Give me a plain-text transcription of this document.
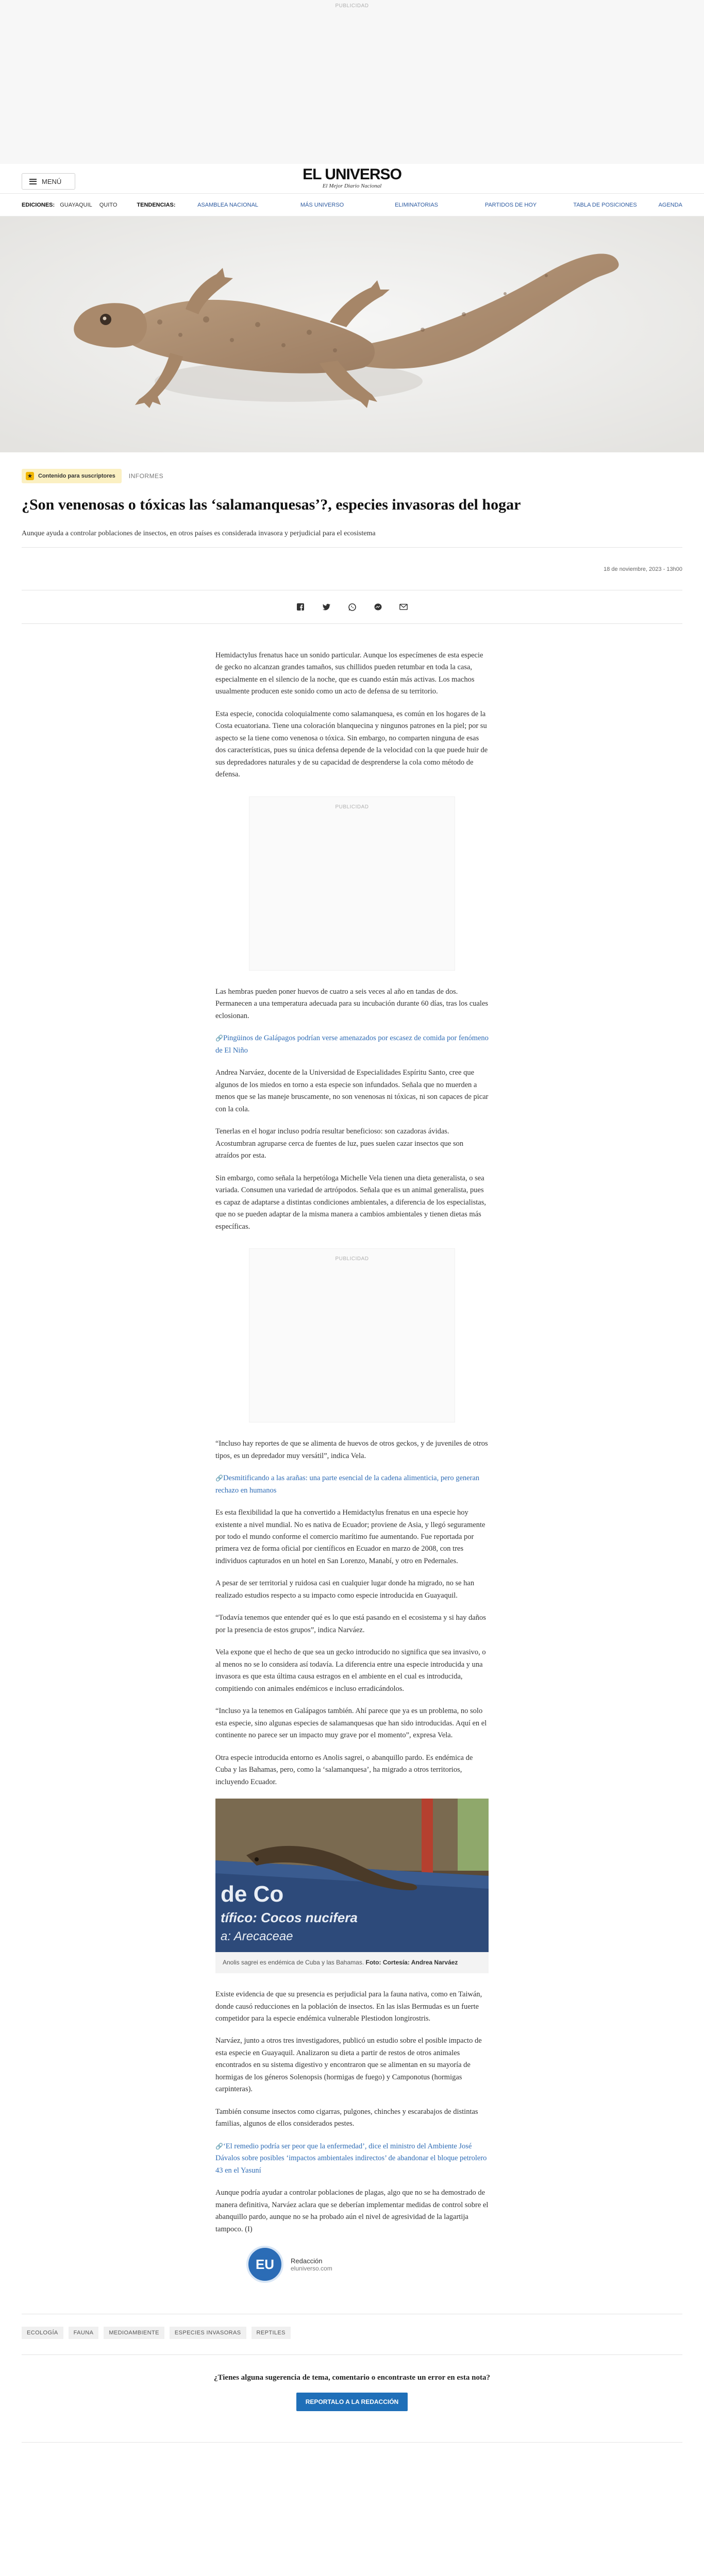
PUBLICIDAD
MENÚ	EL UNIVERSO
El Mejor Diario Nacional
EDICIONES: GUAYAQUIL QUITO	TENDENCIAS:	ASAMBLEA NACIONAL	MÁS UNIVERSO	ELIMINATORIAS	PARTIDOS DE HOY	TABLA DE POSICIONES	AGENDA
★	Contenido para suscriptores INFORMES
¿Son venenosas o tóxicas las ‘salamanquesas’?, especies invasoras del hogar
Aunque ayuda a controlar poblaciones de insectos, en otros países es considerada invasora y perjudicial para el ecosistema
18 de noviembre, 2023 - 13h00

Hemidactylus frenatus hace un sonido particular. Aunque los especímenes de esta especie de gecko no alcanzan grandes tamaños, sus chillidos pueden retumbar en toda la casa, especialmente en el silencio de la noche, que es cuando están más activas. Los machos usualmente producen este sonido como un acto de defensa de su territorio.

Esta especie, conocida coloquialmente como salamanquesa, es común en los hogares de la Costa ecuatoriana. Tiene una coloración blanquecina y ningunos patrones en la piel; por su aspecto se la tiene como venenosa o tóxica. Sin embargo, no comparten ninguna de esas dos características, pues su única defensa depende de la velocidad con la que puede huir de sus depredadores naturales y de su capacidad de desprenderse la cola como método de defensa.

PUBLICIDAD

Las hembras pueden poner huevos de cuatro a seis veces al año en tandas de dos. Permanecen a una temperatura adecuada para su incubación durante 60 días, tras los cuales eclosionan.

🔗 Pingüinos de Galápagos podrían verse amenazados por escasez de comida por fenómeno de El Niño

Andrea Narváez, docente de la Universidad de Especialidades Espíritu Santo, cree que algunos de los miedos en torno a esta especie son infundados. Señala que no muerden a menos que se las maneje bruscamente, no son venenosas ni tóxicas, ni son capaces de picar con la cola.

Tenerlas en el hogar incluso podría resultar beneficioso: son cazadoras ávidas. Acostumbran agruparse cerca de fuentes de luz, pues suelen cazar insectos que son atraídos por esta.

Sin embargo, como señala la herpetóloga Michelle Vela tienen una dieta generalista, o sea variada. Consumen una variedad de artrópodos. Señala que es un animal generalista, pues es capaz de adaptarse a distintas condiciones ambientales, a diferencia de los especialistas, que no se pueden adaptar de la misma manera a cambios ambientales y tienen dietas más específicas.

PUBLICIDAD

“Incluso hay reportes de que se alimenta de huevos de otros geckos, y de juveniles de otros tipos, es un depredador muy versátil”, indica Vela.

🔗 Desmitificando a las arañas: una parte esencial de la cadena alimenticia, pero generan rechazo en humanos

Es esta flexibilidad la que ha convertido a Hemidactylus frenatus en una especie hoy existente a nivel mundial. No es nativa de Ecuador; proviene de Asia, y llegó seguramente por todo el mundo conforme el comercio marítimo fue aumentando. Fue reportada por primera vez de forma oficial por científicos en Ecuador en marzo de 2008, con tres individuos capturados en un hotel en San Lorenzo, Manabí, y otro en Pedernales.

A pesar de ser territorial y ruidosa casi en cualquier lugar donde ha migrado, no se han realizado estudios respecto a su impacto como especie introducida en Guayaquil.

“Todavía tenemos que entender qué es lo que está pasando en el ecosistema y si hay daños por la presencia de estos grupos”, indica Narváez.

Vela expone que el hecho de que sea un gecko introducido no significa que sea invasivo, o al menos no se lo considera así todavía. La diferencia entre una especie introducida y una invasora es que esta última causa estragos en el ambiente en el cual es introducida, compitiendo con animales endémicos e incluso erradicándolos.

“Incluso ya la tenemos en Galápagos también. Ahí parece que ya es un problema, no solo esta especie, sino algunas especies de salamanquesas que han sido introducidas. Aquí en el continente no parece ser un impacto muy grave por el momento”, expresa Vela.

Otra especie introducida entorno es Anolis sagrei, o abanquillo pardo. Es endémica de Cuba y las Bahamas, pero, como la ‘salamanquesa’, ha migrado a otros territorios, incluyendo Ecuador.

de Co
tífico: Cocos nucifera
a: Arecaceae
Anolis sagrei es endémica de Cuba y las Bahamas. Foto: Cortesía: Andrea Narváez

Existe evidencia de que su presencia es perjudicial para la fauna nativa, como en Taiwán, donde causó reducciones en la población de insectos. En las islas Bermudas es un fuerte competidor para la especie endémica vulnerable Plestiodon longirostris.

Narváez, junto a otros tres investigadores, publicó un estudio sobre el posible impacto de esta especie en Guayaquil. Analizaron su dieta a partir de restos de otros animales encontrados en su sistema digestivo y encontraron que se alimentan en su mayoría de hormigas de los géneros Solenopsis (hormigas de fuego) y Camponotus (hormigas carpinteras).

También consume insectos como cigarras, pulgones, chinches y escarabajos de distintas familias, algunos de ellos considerados pestes.

🔗 ‘El remedio podría ser peor que la enfermedad’, dice el ministro del Ambiente José Dávalos sobre posibles ‘impactos ambientales indirectos’ de abandonar el bloque petrolero 43 en el Yasuní

Aunque podría ayudar a controlar poblaciones de plagas, algo que no se ha demostrado de manera definitiva, Narváez aclara que se deberían implementar medidas de control sobre el abanquillo pardo, aunque no se ha probado aún el nivel de agresividad de la lagartija tampoco. (I)

EU	Redacción
eluniverso.com
ECOLOGÍA	FAUNA	MEDIOAMBIENTE	ESPECIES INVASORAS	REPTILES
¿Tienes alguna sugerencia de tema, comentario o encontraste un error en esta nota?
REPORTALO A LA REDACCIÓN
